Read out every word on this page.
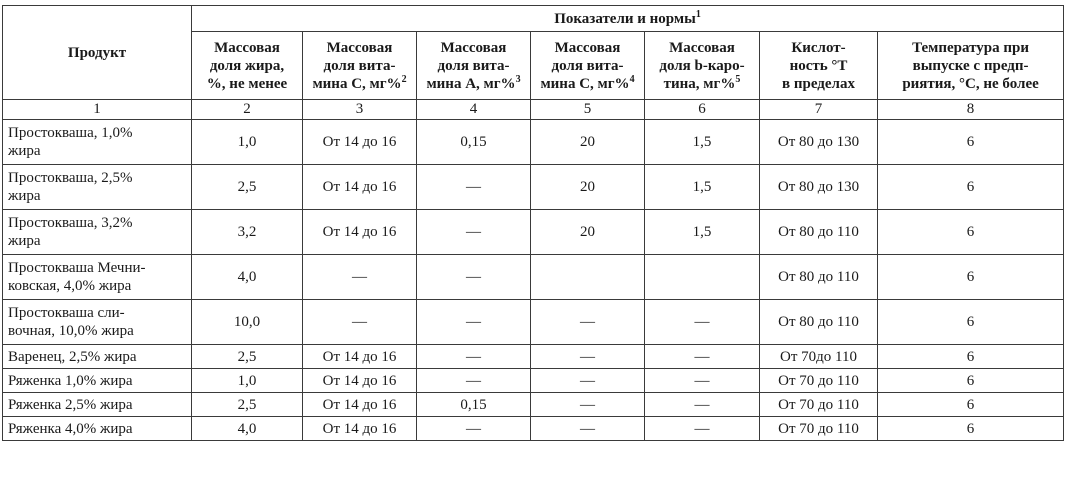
Продукт	Показатели и нормы$^1$

	Массовая
доля жира,
%, не менее	Массовая
доля вита-
мина С, мг%$^2$	Массовая
доля вита-
мина А, мг%$^3$	Массовая
доля вита-
мина С, мг%$^4$	Массовая
доля b-каро-
тина, мг%$^5$	Кислот-
ность °Т
в пределах	Температура при
выпуске с предп-
риятия, °С, не более

1	2	3	4	5	6	7	8

Простокваша, 1,0%
жира	1,0	От 14 до 16	0,15	20	1,5	От 80 до 130	6

Простокваша, 2,5%
жира	2,5	От 14 до 16	—	20	1,5	От 80 до 130	6

Простокваша, 3,2%
жира	3,2	От 14 до 16	—	20	1,5	От 80 до 110	6

Простокваша Мечни-
ковская, 4,0% жира	4,0	—	—			От 80 до 110	6

Простокваша сли-
вочная, 10,0% жира	10,0	—	—	—	—	От 80 до 110	6

Варенец, 2,5% жира	2,5	От 14 до 16	—	—	—	От 70до 110	6

Ряженка 1,0% жира	1,0	От 14 до 16	—	—	—	От 70 до 110	6

Ряженка 2,5% жира	2,5	От 14 до 16	0,15	—	—	От 70 до 110	6

Ряженка 4,0% жира	4,0	От 14 до 16	—	—	—	От 70 до 110	6
